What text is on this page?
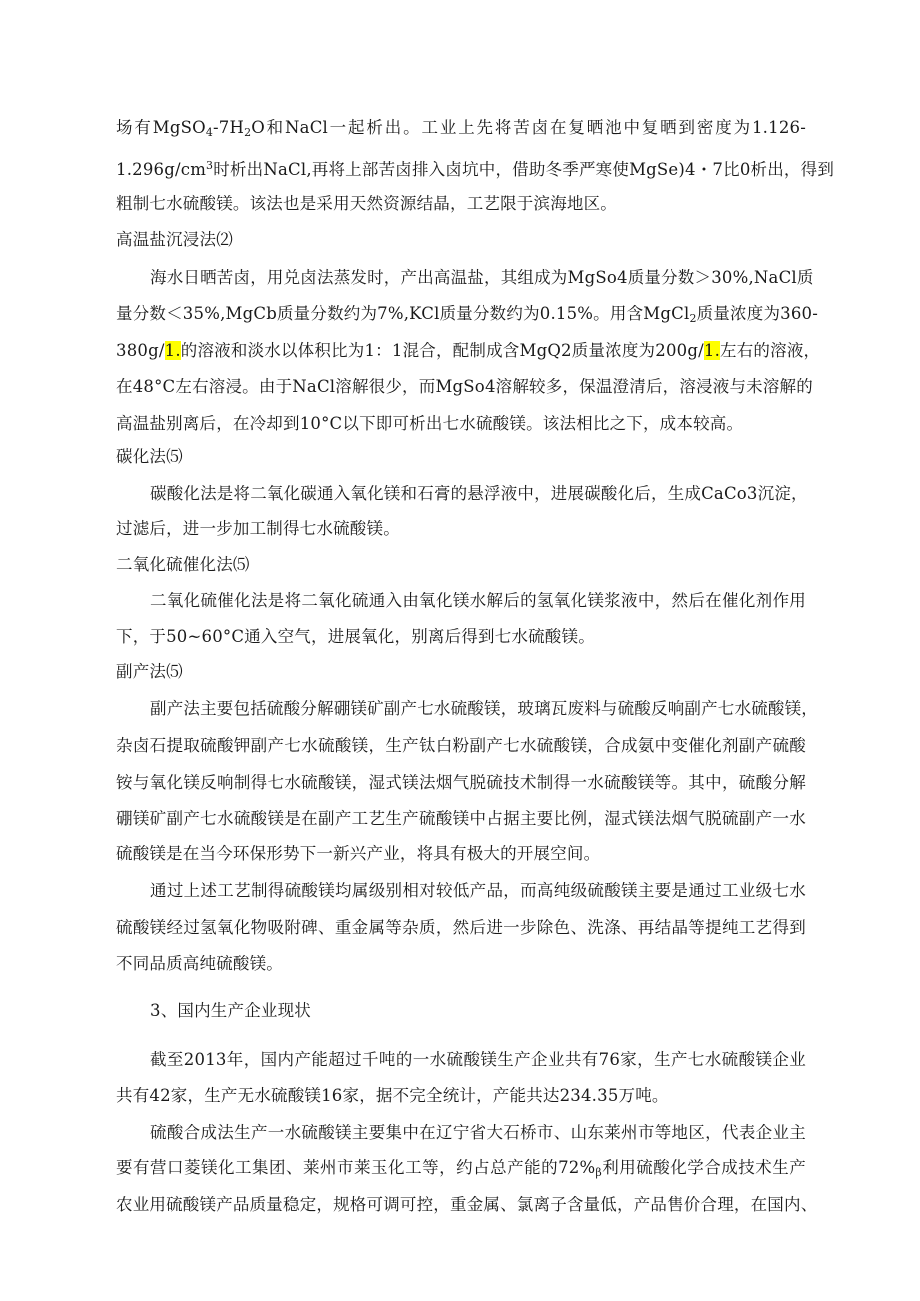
场有$MgSO_4-7H_2O$和NaCl一起析出。工业上先将苦卤在复晒池中复晒到密度为1.126-
$1.296g/cm^3$时析出NaCl,再将上部苦卤排入卤坑中，借助冬季严寒使MgSe)4・7比0析出，得到
粗制七水硫酸镁。该法也是采用天然资源结晶，工艺限于滨海地区。
高温盐沉浸法⑵
海水日晒苦卤，用兑卤法蒸发时，产出高温盐，其组成为MgSo4质量分数＞30%,NaCl质
量分数＜35%,MgCb质量分数约为7%,KCl质量分数约为0.15%。用含MgCl$_2$质量浓度为360-
380g/1.的溶液和淡水以体积比为1：1混合，配制成含MgQ2质量浓度为200g/1.左右的溶液，
在48°C左右溶浸。由于NaCl溶解很少，而MgSo4溶解较多，保温澄清后，溶浸液与未溶解的
高温盐别离后，在冷却到10°C以下即可析出七水硫酸镁。该法相比之下，成本较高。
碳化法⑸
碳酸化法是将二氧化碳通入氧化镁和石膏的悬浮液中，进展碳酸化后，生成CaCo3沉淀，
过滤后，进一步加工制得七水硫酸镁。
二氧化硫催化法⑸
二氧化硫催化法是将二氧化硫通入由氧化镁水解后的氢氧化镁浆液中，然后在催化剂作用
下，于50~60°C通入空气，进展氧化，别离后得到七水硫酸镁。
副产法⑸
副产法主要包括硫酸分解硼镁矿副产七水硫酸镁，玻璃瓦废料与硫酸反响副产七水硫酸镁，
杂卤石提取硫酸钾副产七水硫酸镁，生产钛白粉副产七水硫酸镁，合成氨中变催化剂副产硫酸
铵与氧化镁反响制得七水硫酸镁，湿式镁法烟气脱硫技术制得一水硫酸镁等。其中，硫酸分解
硼镁矿副产七水硫酸镁是在副产工艺生产硫酸镁中占据主要比例，湿式镁法烟气脱硫副产一水
硫酸镁是在当今环保形势下一新兴产业，将具有极大的开展空间。
通过上述工艺制得硫酸镁均属级别相对较低产品，而高纯级硫酸镁主要是通过工业级七水
硫酸镁经过氢氧化物吸附碑、重金属等杂质，然后进一步除色、洗涤、再结晶等提纯工艺得到
不同品质高纯硫酸镁。
3、国内生产企业现状
截至2013年，国内产能超过千吨的一水硫酸镁生产企业共有76家，生产七水硫酸镁企业
共有42家，生产无水硫酸镁16家，据不完全统计，产能共达234.35万吨。
硫酸合成法生产一水硫酸镁主要集中在辽宁省大石桥市、山东莱州市等地区，代表企业主
要有营口菱镁化工集团、莱州市莱玉化工等，约占总产能的$72\%_\beta$利用硫酸化学合成技术生产
农业用硫酸镁产品质量稳定，规格可调可控，重金属、氯离子含量低，产品售价合理，在国内、
